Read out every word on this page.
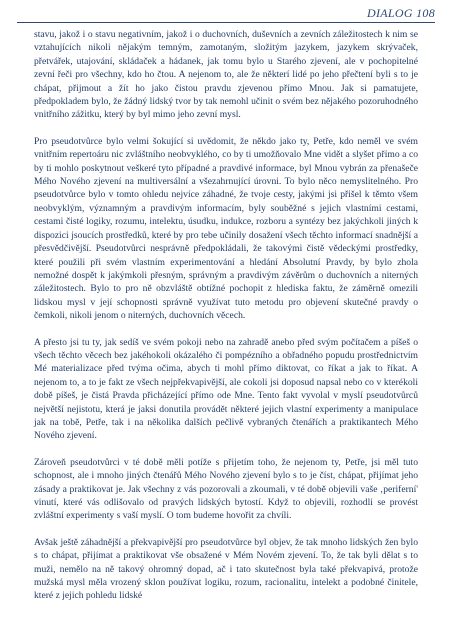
DIALOG 108

stavu, jakož i o stavu negativním, jakož i o duchovních, duševních a zevních záležitostech k nim se vztahujících nikoli nějakým temným, zamotaným, složitým jazykem, jazykem skrývaček, přetvářek, utajování, skládaček a hádanek, jak tomu bylo u Starého zjevení, ale v pochopitelné zevní řeči pro všechny, kdo ho čtou. A nejenom to, ale že některí lidé po jeho přečtení byli s to je chápat, přijmout a žít ho jako čistou pravdu zjevenou přímo Mnou. Jak si pamatujete, předpokladem bylo, že žádný lidský tvor by tak nemohl učinit o svém bez nějakého pozoruhodného vnitřního zážitku, který by byl mimo jeho zevní mysl.

Pro pseudotvůrce bylo velmi šokující si uvědomit, že někdo jako ty, Petře, kdo neměl ve svém vnitřním repertoáru nic zvláštního neobvyklého, co by ti umožňovalo Mne vidět a slyšet přímo a co by ti mohlo poskytnout veškeré tyto případné a pravdivé informace, byl Mnou vybrán za přenašeče Mého Nového zjevení na multiversální a všezahrnující úrovni. To bylo něco nemyslitelného. Pro pseudotvůrce bylo v tomto ohledu nejvíce záhadné, že tvoje cesty, jakými jsi přišel k těmto všem neobvyklým, významným a pravdivým informacím, byly souběžné s jejich vlastními cestami, cestami čisté logiky, rozumu, intelektu, úsudku, indukce, rozboru a syntézy bez jakýchkoli jiných k dispozici jsoucích prostředků, které by pro tebe učinily dosažení všech těchto informací snadnější a přesvědčivější. Pseudotvůrci nesprávně předpokládali, že takovými čistě vědeckými prostředky, které použili při svém vlastním experimentování a hledání Absolutní Pravdy, by bylo zhola nemožné dospět k jakýmkoli přesným, správným a pravdivým závěrům o duchovních a niterných záležitostech. Bylo to pro ně obzvláště obtížné pochopit z hlediska faktu, že záměrně omezili lidskou mysl v její schopnosti správně využívat tuto metodu pro objevení skutečné pravdy o čemkoli, nikoli jenom o niterných, duchovních věcech.

A přesto jsi tu ty, jak sedíš ve svém pokoji nebo na zahradě anebo před svým počítačem a píšeš o všech těchto věcech bez jakéhokoli okázalého či pompézního a obřadného popudu prostřednictvím Mé materializace před tvýma očima, abych ti mohl přímo diktovat, co říkat a jak to říkat. A nejenom to, a to je fakt ze všech nejpřekvapivější, ale cokoli jsi doposud napsal nebo co v kterékoli době píšeš, je čistá Pravda přicházející přímo ode Mne. Tento fakt vyvolal v myslí pseudotvůrců největší nejistotu, která je jaksi donutila provádět některé jejich vlastní experimenty a manipulace jak na tobě, Petře, tak i na několika dalších pečlivě vybraných čtenářích a praktikantech Mého Nového zjevení.

Zároveň pseudotvůrci v té době měli potíže s přijetím toho, že nejenom ty, Petře, jsi měl tuto schopnost, ale i mnoho jiných čtenářů Mého Nového zjevení bylo s to je číst, chápat, přijímat jeho zásady a praktikovat je. Jak všechny z vás pozorovali a zkoumali, v té době objevili vaše ‚periferní' vinutí, které vás odlišovalo od pravých lidských bytostí. Když to objevili, rozhodli se provést zvláštní experimenty s vaší myslí. O tom budeme hovořit za chvíli.

Avšak ještě záhadnější a překvapivější pro pseudotvůrce byl objev, že tak mnoho lidských žen bylo s to chápat, přijímat a praktikovat vše obsažené v Mém Novém zjevení. To, že tak byli dělat s to muži, nemělo na ně takový ohromný dopad, ač i tato skutečnost byla také překvapivá, protože mužská mysl měla vrozený sklon používat logiku, rozum, racionalitu, intelekt a podobné činitele, které z jejich pohledu lidské
